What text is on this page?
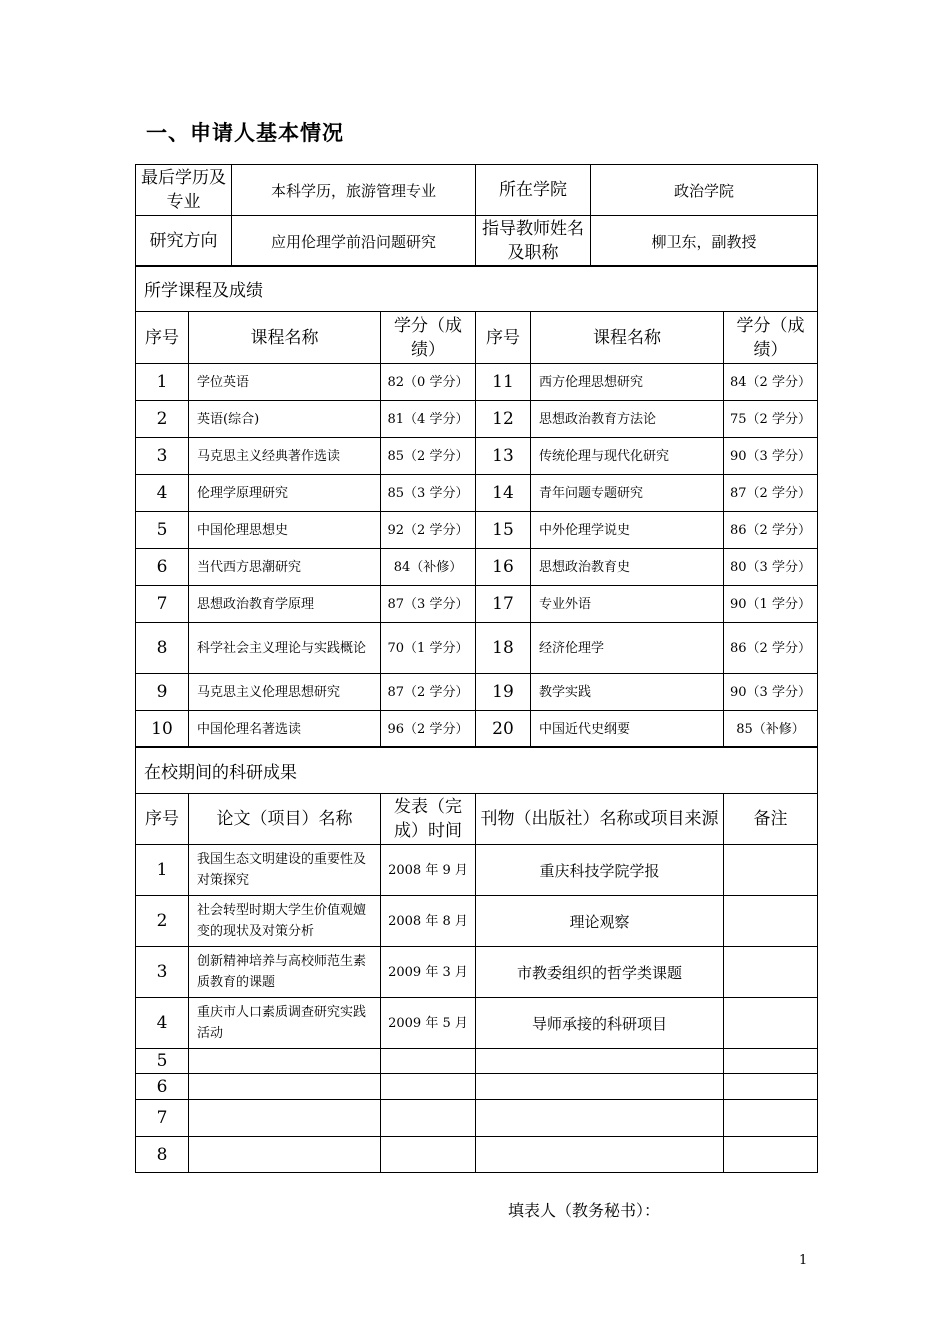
一、申请人基本情况
最后学历及专业	本科学历，旅游管理专业	所在学院	政治学院
研究方向	应用伦理学前沿问题研究	指导教师姓名及职称	柳卫东，副教授
所学课程及成绩					
序号	课程名称	学分（成绩）	序号	课程名称	学分（成绩）
1	学位英语	82（0 学分）	11	西方伦理思想研究	84（2 学分）
2	英语(综合)	81（4 学分）	12	思想政治教育方法论	75（2 学分）
3	马克思主义经典著作选读	85（2 学分）	13	传统伦理与现代化研究	90（3 学分）
4	伦理学原理研究	85（3 学分）	14	青年问题专题研究	87（2 学分）
5	中国伦理思想史	92（2 学分）	15	中外伦理学说史	86（2 学分）
6	当代西方思潮研究	84（补修）	16	思想政治教育史	80（3 学分）
7	思想政治教育学原理	87（3 学分）	17	专业外语	90（1 学分）
8	科学社会主义理论与实践概论	70（1 学分）	18	经济伦理学	86（2 学分）
9	马克思主义伦理思想研究	87（2 学分）	19	教学实践	90（3 学分）
10	中国伦理名著选读	96（2 学分）	20	中国近代史纲要	85（补修）
在校期间的科研成果				
序号	论文（项目）名称	发表（完成）时间	刊物（出版社）名称或项目来源	备注
1	我国生态文明建设的重要性及对策探究	2008 年 9 月	重庆科技学院学报	
2	社会转型时期大学生价值观嬗变的现状及对策分析	2008 年 8 月	理论观察	
3	创新精神培养与高校师范生素质教育的课题	2009 年 3 月	市教委组织的哲学类课题	
4	重庆市人口素质调查研究实践活动	2009 年 5 月	导师承接的科研项目	
5				
6				
7				
8				
填表人（教务秘书）：
1
